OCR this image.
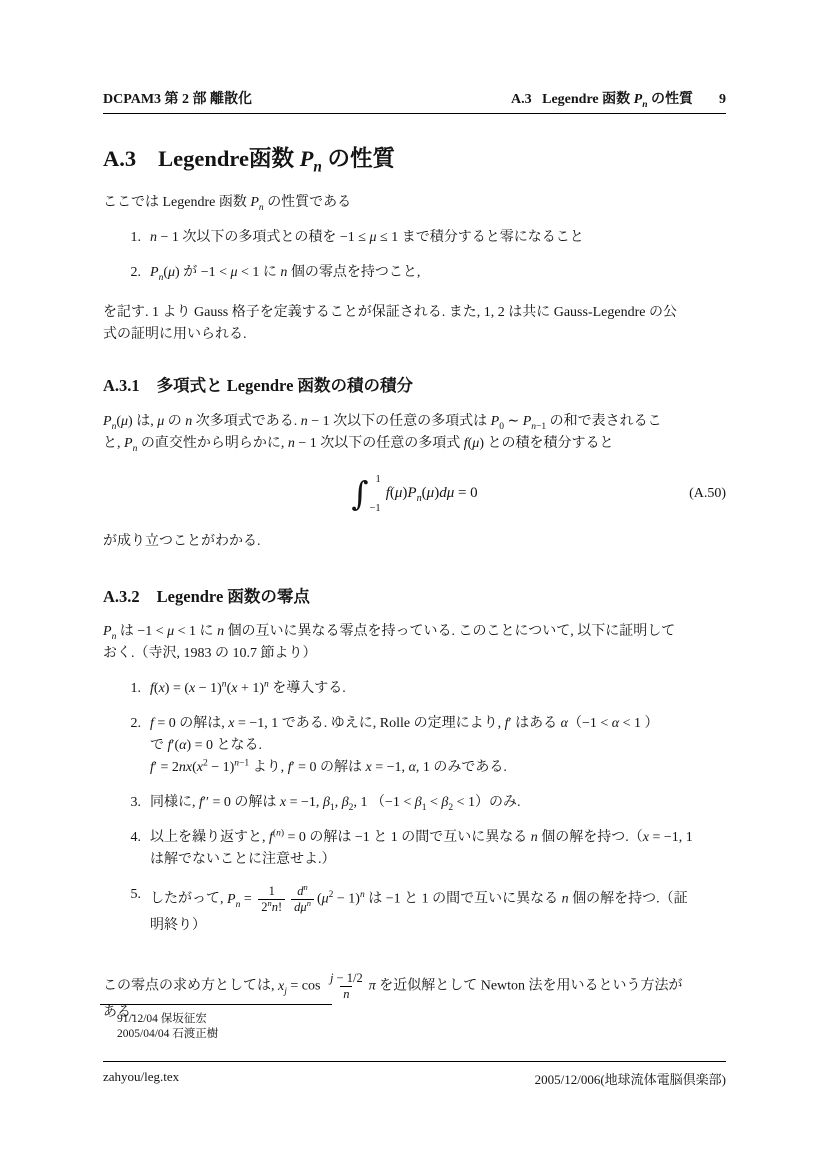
DCPAM3 第 2 部 離散化	A.3   Legendre 函数 $P_n$ の性質 9
A.3 Legendre函数 $P_n$ の性質

ここでは Legendre 函数 $P_n$ の性質である

1. n − 1 次以下の多項式との積を −1 ≤ μ ≤ 1 まで積分すると零になること
2. $P_n(\mu)$ が −1 < μ < 1 に n 個の零点を持つこと,

を記す. 1 より Gauss 格子を定義することが保証される. また, 1, 2 は共に Gauss-Legendre の公
式の証明に用いられる.

A.3.1 多項式と Legendre 函数の積の積分

$P_n(\mu)$ は, μ の n 次多項式である. n − 1 次以下の任意の多項式は $P_0$ ∼ $P_{n-1}$ の和で表されるこ
と, $P_n$ の直交性から明らかに, n − 1 次以下の任意の多項式 f(μ) との積を積分すると

∫ 1
−1
$f(\mu)P_n(\mu)d\mu = 0$	(A.50)

が成り立つことがわかる.

A.3.2 Legendre 函数の零点

$P_n$ は −1 < μ < 1 に n 個の互いに異なる零点を持っている. このことについて, 以下に証明して
おく.（寺沢, 1983 の 10.7 節より）

1. $f(x) = (x - 1)^n(x + 1)^n$ を導入する.
2. f = 0 の解は, x = −1, 1 である. ゆえに, Rolle の定理により, f′ はある α（−1 < α < 1 ）
で f′(α) = 0 となる.
$f' = 2nx(x^2 - 1)^{n-1}$ より, f′ = 0 の解は x = −1, α, 1 のみである.
3. 同様に, f′′ = 0 の解は x = −1, $\beta_1$, $\beta_2$, 1 $(-1 < \beta_1 < \beta_2 < 1)$のみ.
4. 以上を繰り返すと, $f^{(n)} = 0$ の解は −1 と 1 の間で互いに異なる n 個の解を持つ.（x = −1, 1
は解でないことに注意せよ.）
5. したがって, $P_n = \frac{1}{2^nn!} \frac{d^n}{d\mu^n} (\mu^2 - 1)^n$ は −1 と 1 の間で互いに異なる n 個の解を持つ.（証
明終り）

この零点の求め方としては, $x_j = \cos \frac{j - 1/2}{n}$ π を近似解として Newton 法を用いるという方法が
ある.

91/12/04 保坂征宏
2005/04/04 石渡正樹
zahyou/leg.tex	2005/12/006(地球流体電脳倶楽部)
